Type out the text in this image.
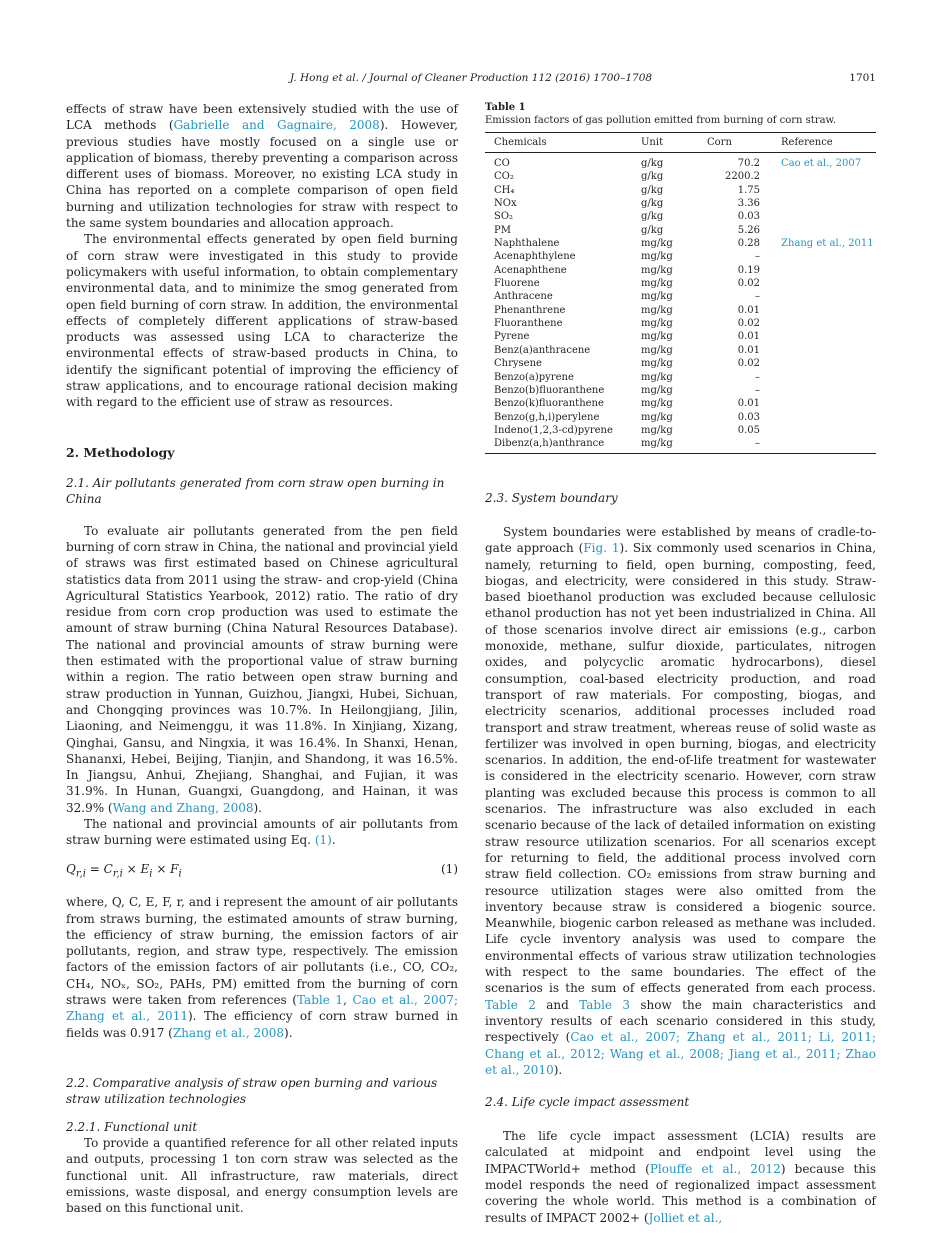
J. Hong et al. / Journal of Cleaner Production 112 (2016) 1700–1708	1701

effects of straw have been extensively studied with the use of LCA methods (Gabrielle and Gagnaire, 2008). However, previous studies have mostly focused on a single use or application of biomass, thereby preventing a comparison across different uses of biomass. Moreover, no existing LCA study in China has reported on a complete comparison of open field burning and utilization technologies for straw with respect to the same system boundaries and allocation approach.

The environmental effects generated by open field burning of corn straw were investigated in this study to provide policymakers with useful information, to obtain complementary environmental data, and to minimize the smog generated from open field burning of corn straw. In addition, the environmental effects of completely different applications of straw-based products was assessed using LCA to characterize the environmental effects of straw-based products in China, to identify the significant potential of improving the efficiency of straw applications, and to encourage rational decision making with regard to the efficient use of straw as resources.

2. Methodology
2.1. Air pollutants generated from corn straw open burning in China

To evaluate air pollutants generated from the pen field burning of corn straw in China, the national and provincial yield of straws was first estimated based on Chinese agricultural statistics data from 2011 using the straw- and crop-yield (China Agricultural Statistics Yearbook, 2012) ratio. The ratio of dry residue from corn crop production was used to estimate the amount of straw burning (China Natural Resources Database). The national and provincial amounts of straw burning were then estimated with the proportional value of straw burning within a region. The ratio between open straw burning and straw production in Yunnan, Guizhou, Jiangxi, Hubei, Sichuan, and Chongqing provinces was 10.7%. In Heilongjiang, Jilin, Liaoning, and Neimenggu, it was 11.8%. In Xinjiang, Xizang, Qinghai, Gansu, and Ningxia, it was 16.4%. In Shanxi, Henan, Shananxi, Hebei, Beijing, Tianjin, and Shandong, it was 16.5%. In Jiangsu, Anhui, Zhejiang, Shanghai, and Fujian, it was 31.9%. In Hunan, Guangxi, Guangdong, and Hainan, it was 32.9% (Wang and Zhang, 2008).

The national and provincial amounts of air pollutants from straw burning were estimated using Eq. (1).

$Q_{r,i} = C_{r,i} \times E_i \times F_i$	(1)

where, Q, C, E, F, r, and i represent the amount of air pollutants from straws burning, the estimated amounts of straw burning, the efficiency of straw burning, the emission factors of air pollutants, region, and straw type, respectively. The emission factors of the emission factors of air pollutants (i.e., CO, CO₂, CH₄, NOₓ, SO₂, PAHs, PM) emitted from the burning of corn straws were taken from references (Table 1, Cao et al., 2007; Zhang et al., 2011). The efficiency of corn straw burned in fields was 0.917 (Zhang et al., 2008).

2.2. Comparative analysis of straw open burning and various straw utilization technologies
2.2.1. Functional unit

To provide a quantified reference for all other related inputs and outputs, processing 1 ton corn straw was selected as the functional unit. All infrastructure, raw materials, direct emissions, waste disposal, and energy consumption levels are based on this functional unit.

Table 1
Emission factors of gas pollution emitted from burning of corn straw.
Chemicals	Unit	Corn	Reference
CO	g/kg	70.2	Cao et al., 2007
CO₂	g/kg	2200.2	
CH₄	g/kg	1.75	
NOx	g/kg	3.36	
SO₂	g/kg	0.03	
PM	g/kg	5.26	
Naphthalene	mg/kg	0.28	Zhang et al., 2011
Acenaphthylene	mg/kg	–	
Acenaphthene	mg/kg	0.19	
Fluorene	mg/kg	0.02	
Anthracene	mg/kg	–	
Phenanthrene	mg/kg	0.01	
Fluoranthene	mg/kg	0.02	
Pyrene	mg/kg	0.01	
Benz(a)anthracene	mg/kg	0.01	
Chrysene	mg/kg	0.02	
Benzo(a)pyrene	mg/kg	–	
Benzo(b)fluoranthene	mg/kg	–	
Benzo(k)fluoranthene	mg/kg	0.01	
Benzo(g,h,i)perylene	mg/kg	0.03	
Indeno(1,2,3-cd)pyrene	mg/kg	0.05	
Dibenz(a,h)anthrance	mg/kg	–	
2.3. System boundary

System boundaries were established by means of cradle-to-gate approach (Fig. 1). Six commonly used scenarios in China, namely, returning to field, open burning, composting, feed, biogas, and electricity, were considered in this study. Straw-based bioethanol production was excluded because cellulosic ethanol production has not yet been industrialized in China. All of those scenarios involve direct air emissions (e.g., carbon monoxide, methane, sulfur dioxide, particulates, nitrogen oxides, and polycyclic aromatic hydrocarbons), diesel consumption, coal-based electricity production, and road transport of raw materials. For composting, biogas, and electricity scenarios, additional processes included road transport and straw treatment, whereas reuse of solid waste as fertilizer was involved in open burning, biogas, and electricity scenarios. In addition, the end-of-life treatment for wastewater is considered in the electricity scenario. However, corn straw planting was excluded because this process is common to all scenarios. The infrastructure was also excluded in each scenario because of the lack of detailed information on existing straw resource utilization scenarios. For all scenarios except for returning to field, the additional process involved corn straw field collection. CO₂ emissions from straw burning and resource utilization stages were also omitted from the inventory because straw is considered a biogenic source. Meanwhile, biogenic carbon released as methane was included. Life cycle inventory analysis was used to compare the environmental effects of various straw utilization technologies with respect to the same boundaries. The effect of the scenarios is the sum of effects generated from each process. Table 2 and Table 3 show the main characteristics and inventory results of each scenario considered in this study, respectively (Cao et al., 2007; Zhang et al., 2011; Li, 2011; Chang et al., 2012; Wang et al., 2008; Jiang et al., 2011; Zhao et al., 2010).

2.4. Life cycle impact assessment

The life cycle impact assessment (LCIA) results are calculated at midpoint and endpoint level using the IMPACTWorld+ method (Plouffe et al., 2012) because this model responds the need of regionalized impact assessment covering the whole world. This method is a combination of results of IMPACT 2002+ (Jolliet et al.,
